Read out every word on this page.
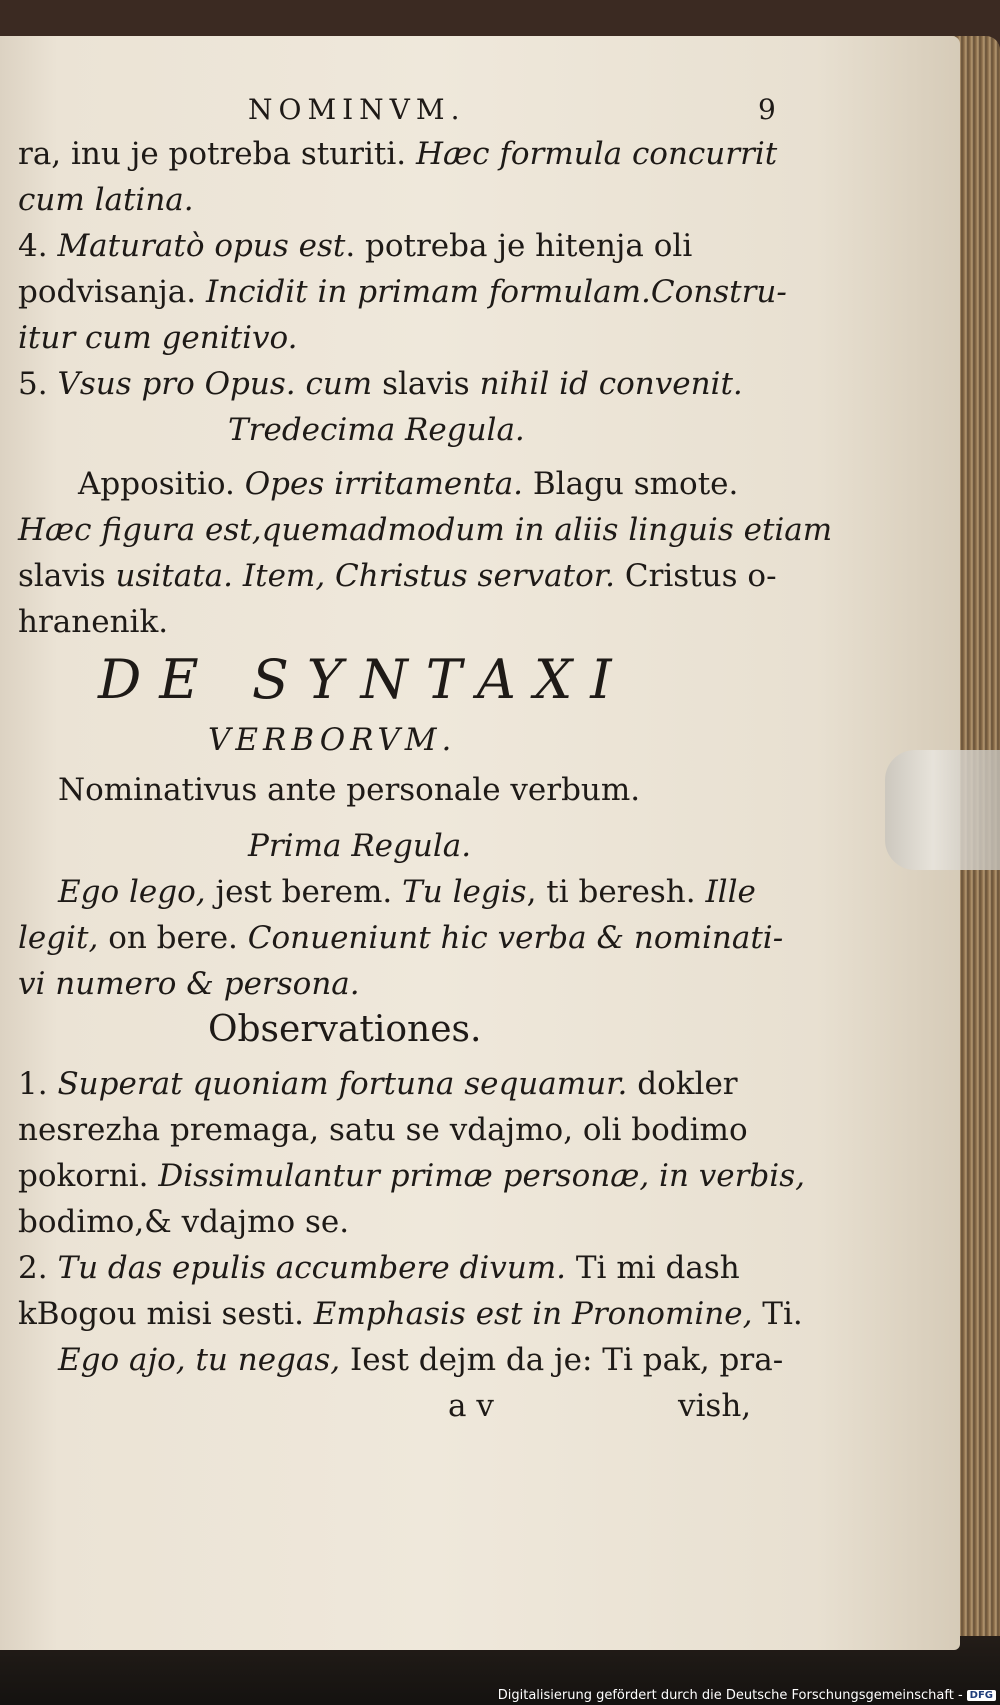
NOMINVM.	9
ra, inu je potreba sturiti. Hæc formula concurrit
cum latina.
4. Maturatò opus est. potreba je hitenja oli
podvisanja. Incidit in primam formulam.Constru-
itur cum genitivo.
5. Vsus pro Opus. cum slavis nihil id convenit.
Tredecima Regula.
Appositio. Opes irritamenta. Blagu smote.
Hæc figura est,quemadmodum in aliis linguis etiam
slavis usitata. Item, Christus servator. Cristus o-
hranenik.
DE SYNTAXI
VERBORVM.
Nominativus ante personale verbum.
Prima Regula.
Ego lego, jest berem. Tu legis, ti beresh. Ille
legit, on bere. Conueniunt hic verba & nominati-
vi numero & persona.
Observationes.
1. Superat quoniam fortuna sequamur. dokler
nesrezha premaga, satu se vdajmo, oli bodimo
pokorni. Dissimulantur primæ personæ, in verbis,
bodimo,& vdajmo se.
2. Tu das epulis accumbere divum. Ti mi dash
kBogou misi sesti. Emphasis est in Pronomine, Ti.
Ego ajo, tu negas, Iest dejm da je: Ti pak, pra-
a v	vish,
Digitalisierung gefördert durch die Deutsche Forschungsgemeinschaft - DFG
